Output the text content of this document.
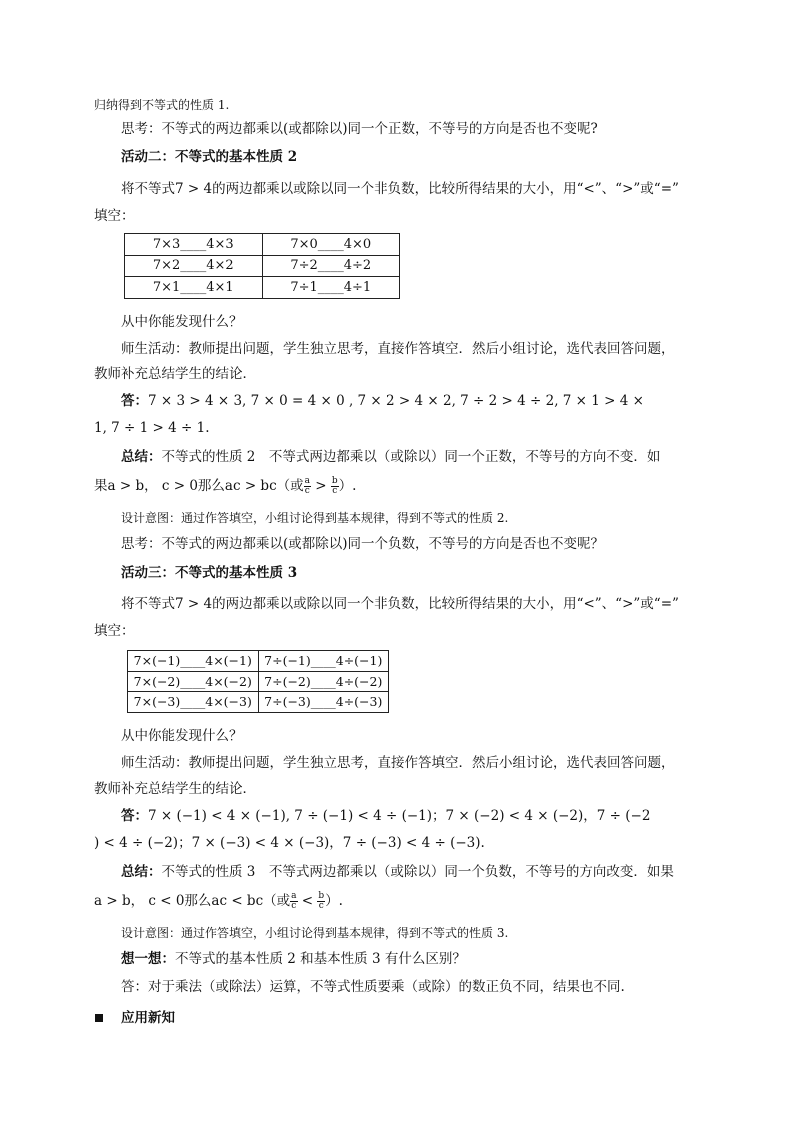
归纳得到不等式的性质 1.
思考：不等式的两边都乘以(或都除以)同一个正数，不等号的方向是否也不变呢?
活动二：不等式的基本性质 2
将不等式7 > 4的两边都乘以或除以同一个非负数，比较所得结果的大小，用“<”、“>”或“=”
填空：
7×3____4×3	7×0____4×0
7×2____4×2	7÷2____4÷2
7×1____4×1	7÷1____4÷1
从中你能发现什么？
师生活动：教师提出问题，学生独立思考，直接作答填空．然后小组讨论，选代表回答问题，
教师补充总结学生的结论．
答：7 × 3 > 4 × 3, 7 × 0 = 4 × 0 , 7 × 2 > 4 × 2, 7 ÷ 2 > 4 ÷ 2, 7 × 1 > 4 ×
1, 7 ÷ 1 > 4 ÷ 1.
总结：不等式的性质 2　不等式两边都乘以（或除以）同一个正数，不等号的方向不变．如
果a > b， c > 0那么ac > bc（或 $\frac{a}{c} > \frac{b}{c}$ ）.
设计意图：通过作答填空，小组讨论得到基本规律，得到不等式的性质 2.
思考：不等式的两边都乘以(或都除以)同一个负数，不等号的方向是否也不变呢？
活动三：不等式的基本性质 3
将不等式7 > 4的两边都乘以或除以同一个非负数，比较所得结果的大小，用“<”、“>”或“=”
填空：
7×(−1)____4×(−1)	7÷(−1)____4÷(−1)
7×(−2)____4×(−2)	7÷(−2)____4÷(−2)
7×(−3)____4×(−3)	7÷(−3)____4÷(−3)
从中你能发现什么？
师生活动：教师提出问题，学生独立思考，直接作答填空．然后小组讨论，选代表回答问题，
教师补充总结学生的结论．
答：7 × (−1) < 4 × (−1), 7 ÷ (−1) < 4 ÷ (−1)；7 × (−2) < 4 × (−2)，7 ÷ (−2
) < 4 ÷ (−2)；7 × (−3) < 4 × (−3)，7 ÷ (−3) < 4 ÷ (−3).
总结：不等式的性质 3　不等式两边都乘以（或除以）同一个负数，不等号的方向改变．如果
a > b， c < 0那么ac < bc（或 $\frac{a}{c} < \frac{b}{c}$ ）.
设计意图：通过作答填空，小组讨论得到基本规律，得到不等式的性质 3.
想一想：不等式的基本性质 2 和基本性质 3 有什么区别？
答：对于乘法（或除法）运算，不等式性质要乘（或除）的数正负不同，结果也不同.
应用新知
